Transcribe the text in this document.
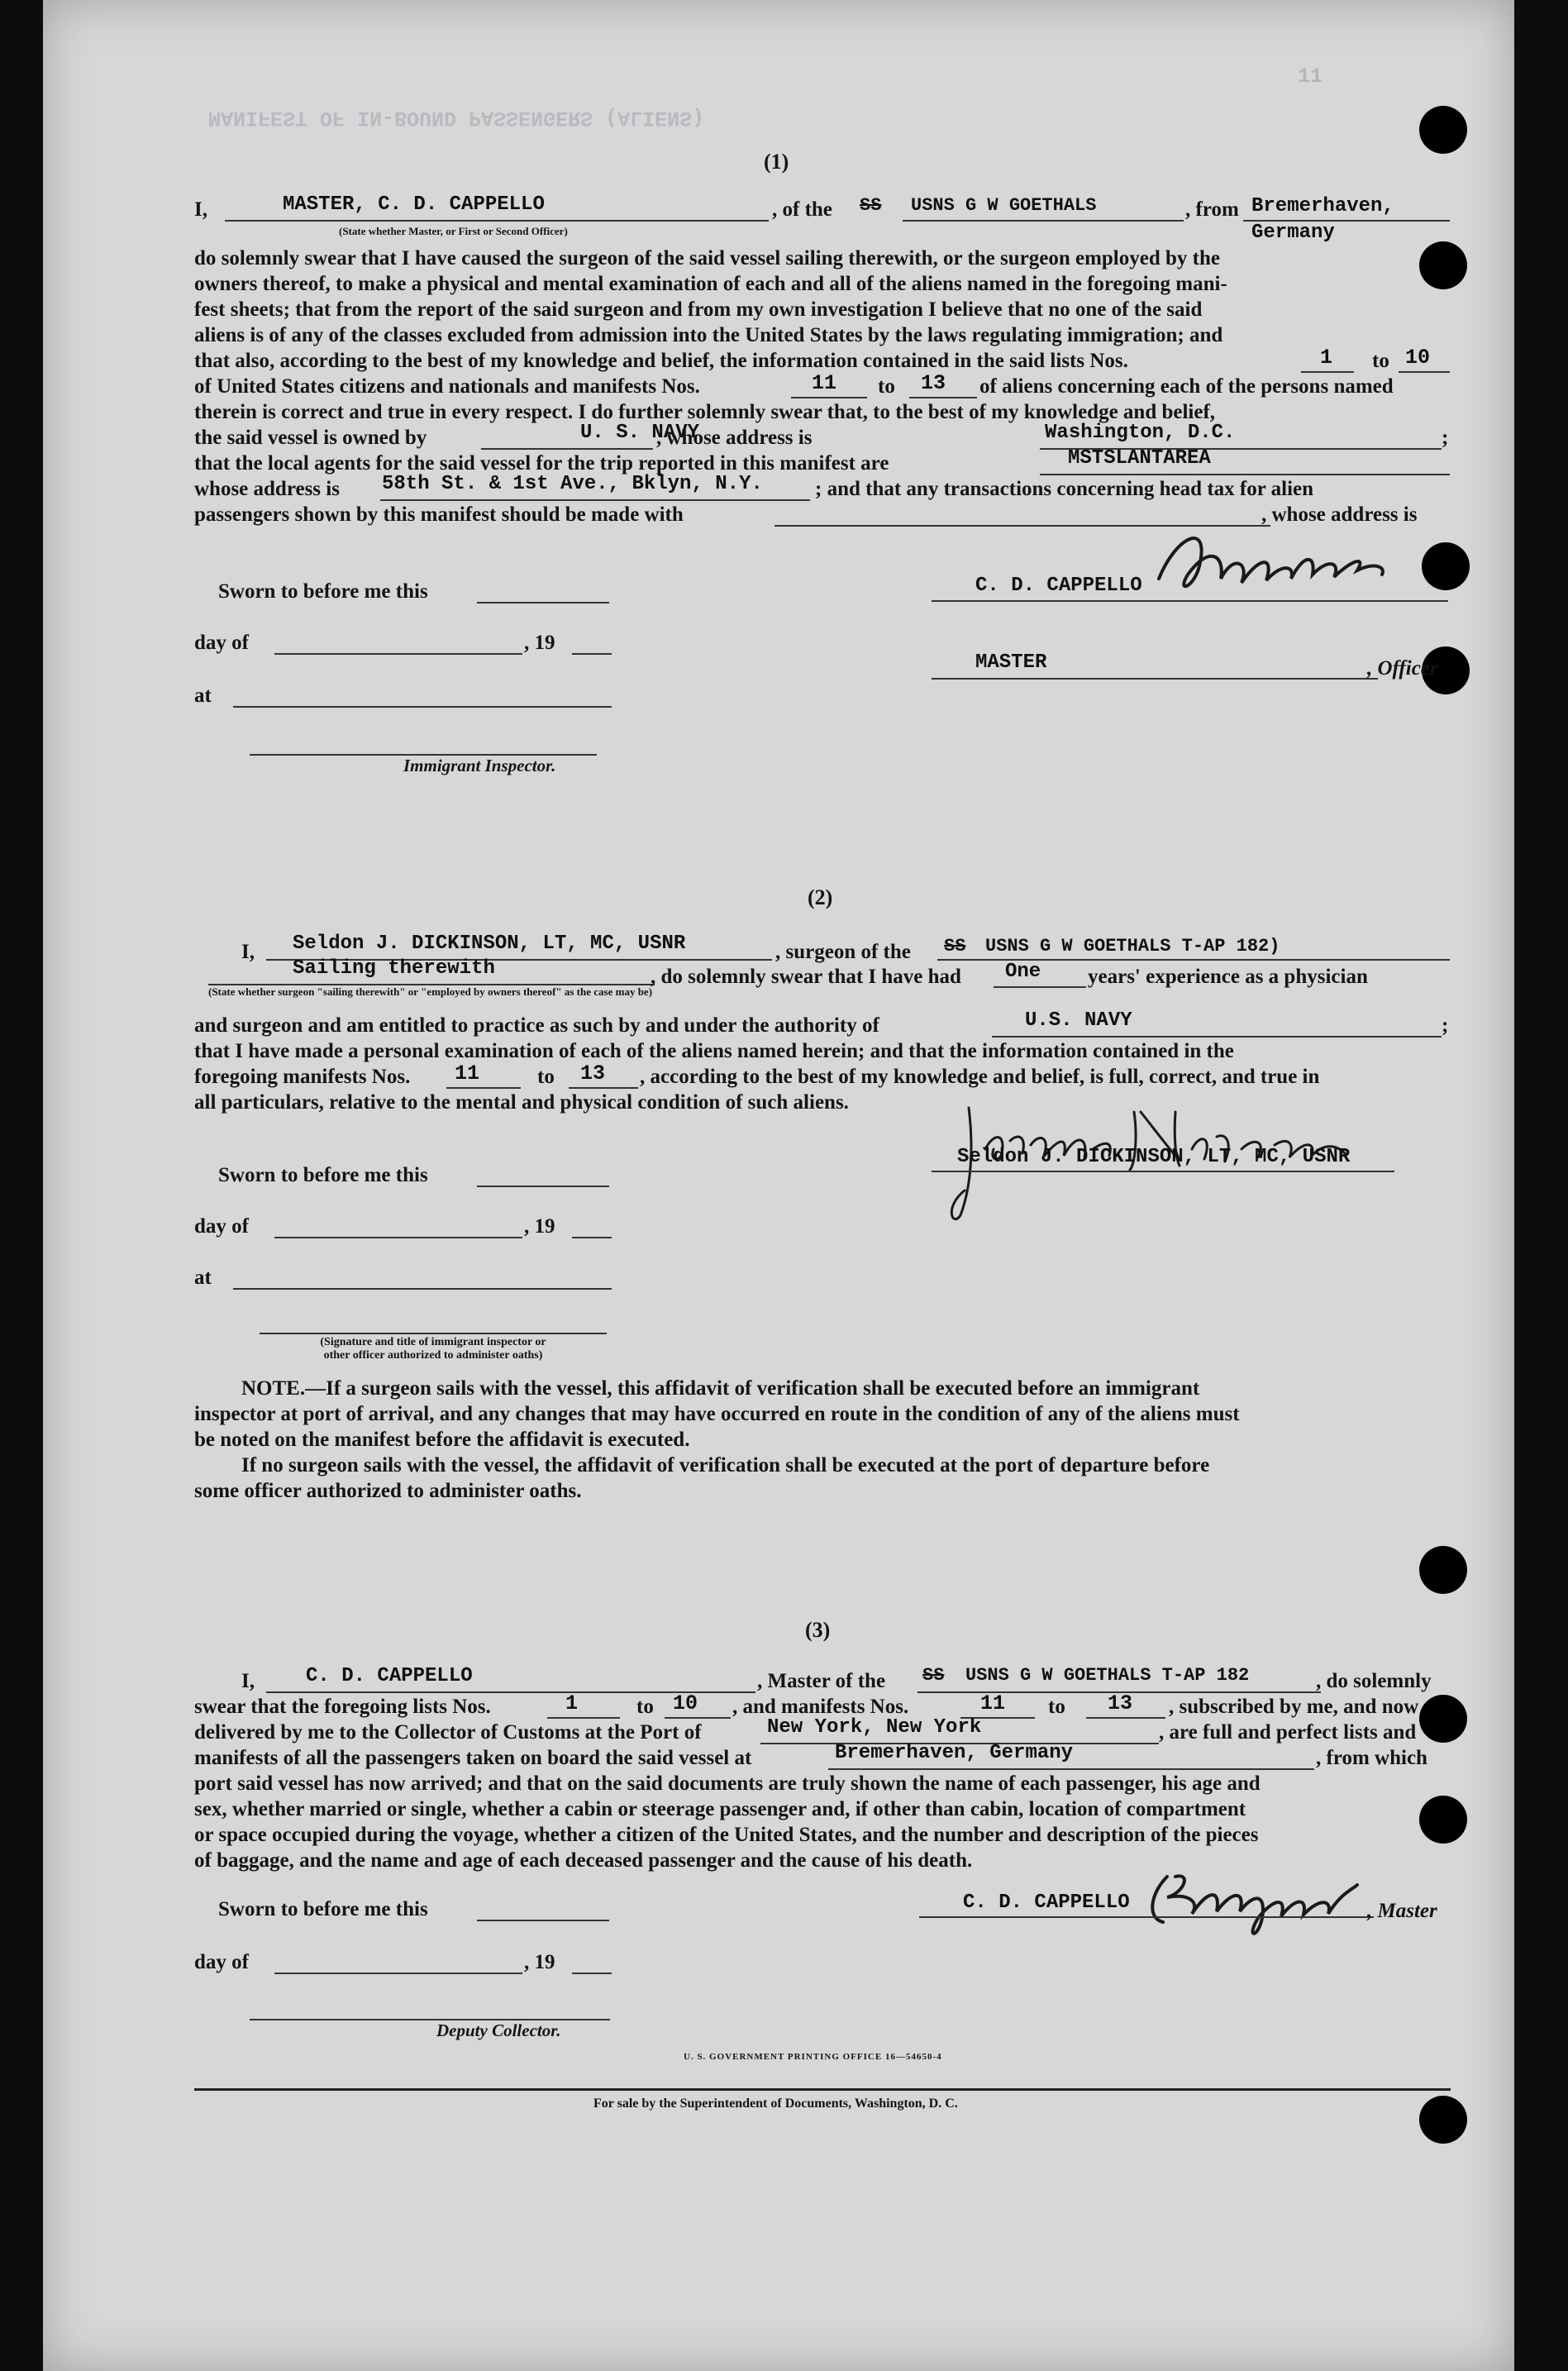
MANIFEST OF IN-BOUND PASSENGERS (ALIENS)
11
(1)
I,	MASTER, C. D. CAPPELLO
(State whether Master, or First or Second Officer)
, of the SS USNS G W GOETHALS	, from Bremerhaven,
Germany
do solemnly swear that I have caused the surgeon of the said vessel sailing therewith, or the surgeon employed by the
owners thereof, to make a physical and mental examination of each and all of the aliens named in the foregoing mani-
fest sheets; that from the report of the said surgeon and from my own investigation I believe that no one of the said
aliens is of any of the classes excluded from admission into the United States by the laws regulating immigration; and
that also, according to the best of my knowledge and belief, the information contained in the said lists Nos.	1 to 10
of United States citizens and nationals and manifests Nos.	11 to 13 of aliens concerning each of the persons named
therein is correct and true in every respect. I do further solemnly swear that, to the best of my knowledge and belief,
the said vessel is owned by	U. S. NAVY
, whose address is	Washington, D.C.	;
that the local agents for the said vessel for the trip reported in this manifest are	MSTSLANTAREA
whose address is 58th St. & 1st Ave., Bklyn, N.Y.	; and that any transactions concerning head tax for alien
passengers shown by this manifest should be made with	, whose address is
Sworn to before me this
day of	, 19
at
Immigrant Inspector.
C. D. CAPPELLO
MASTER	, Officer
(2)
I, Seldon J. DICKINSON, LT, MC, USNR	, surgeon of the SS USNS G W GOETHALS T-AP 182)
Sailing therewith
(State whether surgeon "sailing therewith" or "employed by owners thereof" as the case may be)
, do solemnly swear that I have had One years' experience as a physician
and surgeon and am entitled to practice as such by and under the authority of	U.S. NAVY	;
that I have made a personal examination of each of the aliens named herein; and that the information contained in the
foregoing manifests Nos. 11	to 13 , according to the best of my knowledge and belief, is full, correct, and true in
all particulars, relative to the mental and physical condition of such aliens.
Sworn to before me this
day of	, 19
at
(Signature and title of immigrant inspector or
other officer authorized to administer oaths)
Seldon J. DICKINSON, LT, MC, USNR
NOTE.—If a surgeon sails with the vessel, this affidavit of verification shall be executed before an immigrant
inspector at port of arrival, and any changes that may have occurred en route in the condition of any of the aliens must
be noted on the manifest before the affidavit is executed.
If no surgeon sails with the vessel, the affidavit of verification shall be executed at the port of departure before
some officer authorized to administer oaths.
(3)
I,	C. D. CAPPELLO	, Master of the SS USNS G W GOETHALS T-AP 182	, do solemnly
swear that the foregoing lists Nos.	1	to 10 , and manifests Nos.	11 to 13 , subscribed by me, and now
delivered by me to the Collector of Customs at the Port of	New York, New York	, are full and perfect lists and
manifests of all the passengers taken on board the said vessel at	Bremerhaven, Germany	, from which
port said vessel has now arrived; and that on the said documents are truly shown the name of each passenger, his age and
sex, whether married or single, whether a cabin or steerage passenger and, if other than cabin, location of compartment
or space occupied during the voyage, whether a citizen of the United States, and the number and description of the pieces
of baggage, and the name and age of each deceased passenger and the cause of his death.
Sworn to before me this
day of	, 19
Deputy Collector.
C. D. CAPPELLO	, Master
U. S. GOVERNMENT PRINTING OFFICE 16—54650-4
For sale by the Superintendent of Documents, Washington, D. C.
